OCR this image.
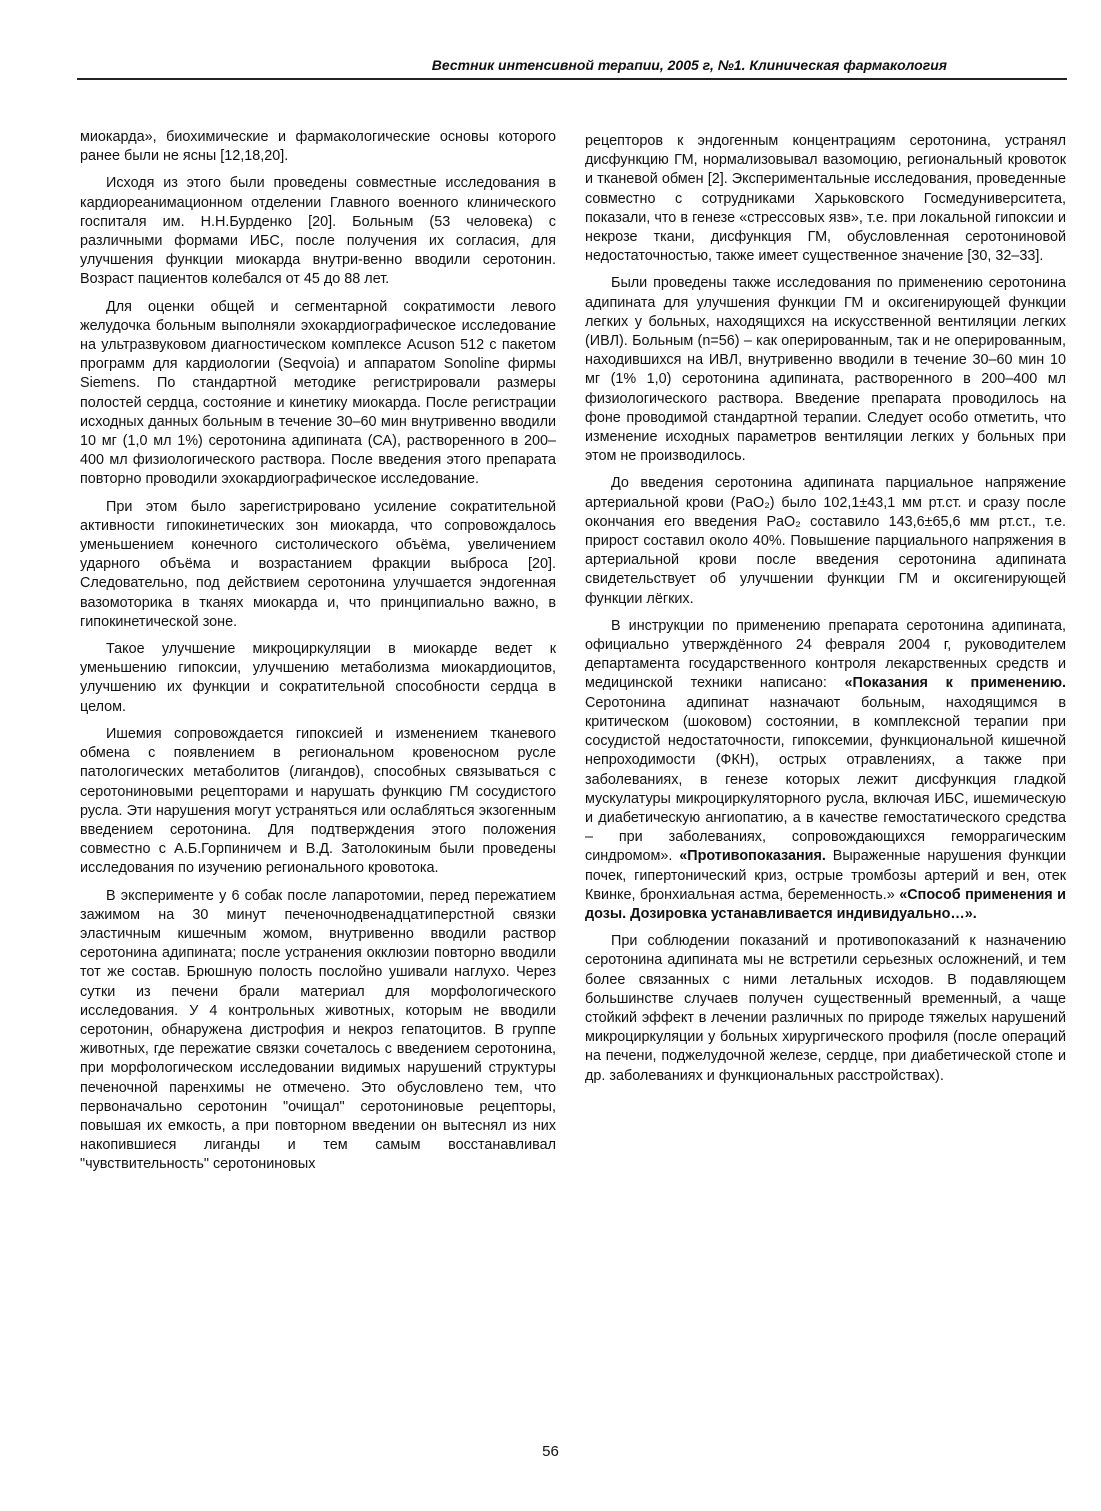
Вестник интенсивной терапии, 2005 г, №1. Клиническая фармакология

миокарда», биохимические и фармакологические основы которого ранее были не ясны [12,18,20].

Исходя из этого были проведены совместные исследования в кардиореанимационном отделении Главного военного клинического госпиталя им. Н.Н.Бурденко [20]. Больным (53 человека) с различными формами ИБС, после получения их согласия, для улучшения функции миокарда внутри-венно вводили серотонин. Возраст пациентов колебался от 45 до 88 лет.

Для оценки общей и сегментарной сократимости левого желудочка больным выполняли эхокардиографическое исследование на ультразвуковом диагностическом комплексе Acuson 512 с пакетом программ для кардиологии (Seqvoia) и аппаратом Sonoline фирмы Siemens. По стандартной методике регистрировали размеры полостей сердца, состояние и кинетику миокарда. После регистрации исходных данных больным в течение 30–60 мин внутривенно вводили 10 мг (1,0 мл 1%) серотонина адипината (СА), растворенного в 200–400 мл физиологического раствора. После введения этого препарата повторно проводили эхокардиографическое исследование.

При этом было зарегистрировано усиление сократительной активности гипокинетических зон миокарда, что сопровождалось уменьшением конечного систолического объёма, увеличением ударного объёма и возрастанием фракции выброса [20]. Следовательно, под действием серотонина улучшается эндогенная вазомоторика в тканях миокарда и, что принципиально важно, в гипокинетической зоне.

Такое улучшение микроциркуляции в миокарде ведет к уменьшению гипоксии, улучшению метаболизма миокардиоцитов, улучшению их функции и сократительной способности сердца в целом.

Ишемия сопровождается гипоксией и изменением тканевого обмена с появлением в региональном кровеносном русле патологических метаболитов (лигандов), способных связываться с серотониновыми рецепторами и нарушать функцию ГМ сосудистого русла. Эти нарушения могут устраняться или ослабляться экзогенным введением серотонина. Для подтверждения этого положения совместно с А.Б.Горпиничем и В.Д. Затолокиным были проведены исследования по изучению регионального кровотока.

В эксперименте у 6 собак после лапаротомии, перед пережатием зажимом на 30 минут печеночнодвенадцатиперстной связки эластичным кишечным жомом, внутривенно вводили раствор серотонина адипината; после устранения окклюзии повторно вводили тот же состав. Брюшную полость послойно ушивали наглухо. Через сутки из печени брали материал для морфологического исследования. У 4 контрольных животных, которым не вводили серотонин, обнаружена дистрофия и некроз гепатоцитов. В группе животных, где пережатие связки сочеталось с введением серотонина, при морфологическом исследовании видимых нарушений структуры печеночной паренхимы не отмечено. Это обусловлено тем, что первоначально серотонин "очищал" серотониновые рецепторы, повышая их емкость, а при повторном введении он вытеснял из них накопившиеся лиганды и тем самым восстанавливал "чувствительность" серотониновых

рецепторов к эндогенным концентрациям серотонина, устранял дисфункцию ГМ, нормализовывал вазомоцию, региональный кровоток и тканевой обмен [2]. Экспериментальные исследования, проведенные совместно с сотрудниками Харьковского Госмедуниверситета, показали, что в генезе «стрессовых язв», т.е. при локальной гипоксии и некрозе ткани, дисфункция ГМ, обусловленная серотониновой недостаточностью, также имеет существенное значение [30, 32–33].

Были проведены также исследования по применению серотонина адипината для улучшения функции ГМ и оксигенирующей функции легких у больных, находящихся на искусственной вентиляции легких (ИВЛ). Больным (n=56) – как оперированным, так и не оперированным, находившихся на ИВЛ, внутривенно вводили в течение 30–60 мин 10 мг (1% 1,0) серотонина адипината, растворенного в 200–400 мл физиологического раствора. Введение препарата проводилось на фоне проводимой стандартной терапии. Следует особо отметить, что изменение исходных параметров вентиляции легких у больных при этом не производилось.

До введения серотонина адипината парциальное напряжение артериальной крови (PaO₂) было 102,1±43,1 мм рт.ст. и сразу после окончания его введения PaO₂ составило 143,6±65,6 мм рт.ст., т.е. прирост составил около 40%. Повышение парциального напряжения в артериальной крови после введения серотонина адипината свидетельствует об улучшении функции ГМ и оксигенирующей функции лёгких.

В инструкции по применению препарата серотонина адипината, официально утверждённого 24 февраля 2004 г, руководителем департамента государственного контроля лекарственных средств и медицинской техники написано: «Показания к применению. Серотонина адипинат назначают больным, находящимся в критическом (шоковом) состоянии, в комплексной терапии при сосудистой недостаточности, гипоксемии, функциональной кишечной непроходимости (ФКН), острых отравлениях, а также при заболеваниях, в генезе которых лежит дисфункция гладкой мускулатуры микроциркуляторного русла, включая ИБС, ишемическую и диабетическую ангиопатию, а в качестве гемостатического средства – при заболеваниях, сопровождающихся геморрагическим синдромом». «Противопоказания. Выраженные нарушения функции почек, гипертонический криз, острые тромбозы артерий и вен, отек Квинке, бронхиальная астма, беременность.» «Способ применения и дозы. Дозировка устанавливается индивидуально…».

При соблюдении показаний и противопоказаний к назначению серотонина адипината мы не встретили серьезных осложнений, и тем более связанных с ними летальных исходов. В подавляющем большинстве случаев получен существенный временный, а чаще стойкий эффект в лечении различных по природе тяжелых нарушений микроциркуляции у больных хирургического профиля (после операций на печени, поджелудочной железе, сердце, при диабетической стопе и др. заболеваниях и функциональных расстройствах).

56
